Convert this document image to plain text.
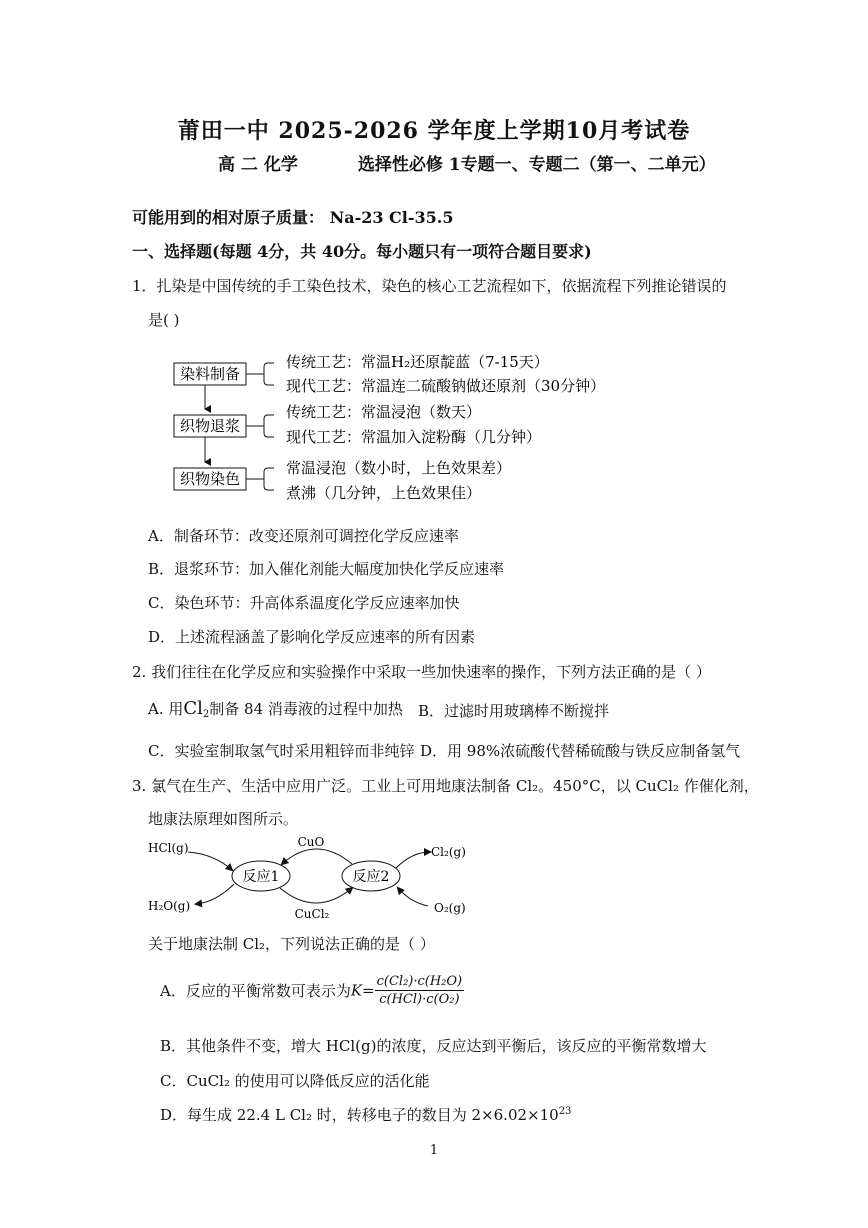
莆田一中 2025-2026 学年度上学期10月考试卷
高 二 化学	选择性必修 1专题一、专题二（第一、二单元）
可能用到的相对原子质量： Na-23 Cl-35.5
一、选择题(每题 4分，共 40分。每小题只有一项符合题目要求)
1．扎染是中国传统的手工染色技术，染色的核心工艺流程如下，依据流程下列推论错误的
是( )
染料制备
织物退浆
织物染色
传统工艺：常温H₂还原靛蓝（7-15天）
现代工艺：常温连二硫酸钠做还原剂（30分钟）
传统工艺：常温浸泡（数天）
现代工艺：常温加入淀粉酶（几分钟）
常温浸泡（数小时，上色效果差）
煮沸（几分钟，上色效果佳）
A．制备环节：改变还原剂可调控化学反应速率
B．退浆环节：加入催化剂能大幅度加快化学反应速率
C．染色环节：升高体系温度化学反应速率加快
D．上述流程涵盖了影响化学反应速率的所有因素
2. 我们往往在化学反应和实验操作中采取一些加快速率的操作，下列方法正确的是（ ）
A. 用$Cl_2$制备 84 消毒液的过程中加热 B．过滤时用玻璃棒不断搅拌
C．实验室制取氢气时采用粗锌而非纯锌 D．用 98%浓硫酸代替稀硫酸与铁反应制备氢气
3. 氯气在生产、生活中应用广泛。工业上可用地康法制备 Cl₂。450°C，以 CuCl₂ 作催化剂，
地康法原理如图所示。
反应1	反应2
CuO
CuCl₂
HCl(g)
H₂O(g)
Cl₂(g)
O₂(g)
关于地康法制 Cl₂，下列说法正确的是（ ）
A．反应的平衡常数可表示为$K= \frac{\text{c(Cl₂)·c(H₂O)}}{\text{c(HCl)·c(O₂)}}$
B．其他条件不变，增大 HCl(g)的浓度，反应达到平衡后，该反应的平衡常数增大
C．CuCl₂ 的使用可以降低反应的活化能
D．每生成 22.4 L Cl₂ 时，转移电子的数目为 $2\times 6.02\times 10^{23}$
1
